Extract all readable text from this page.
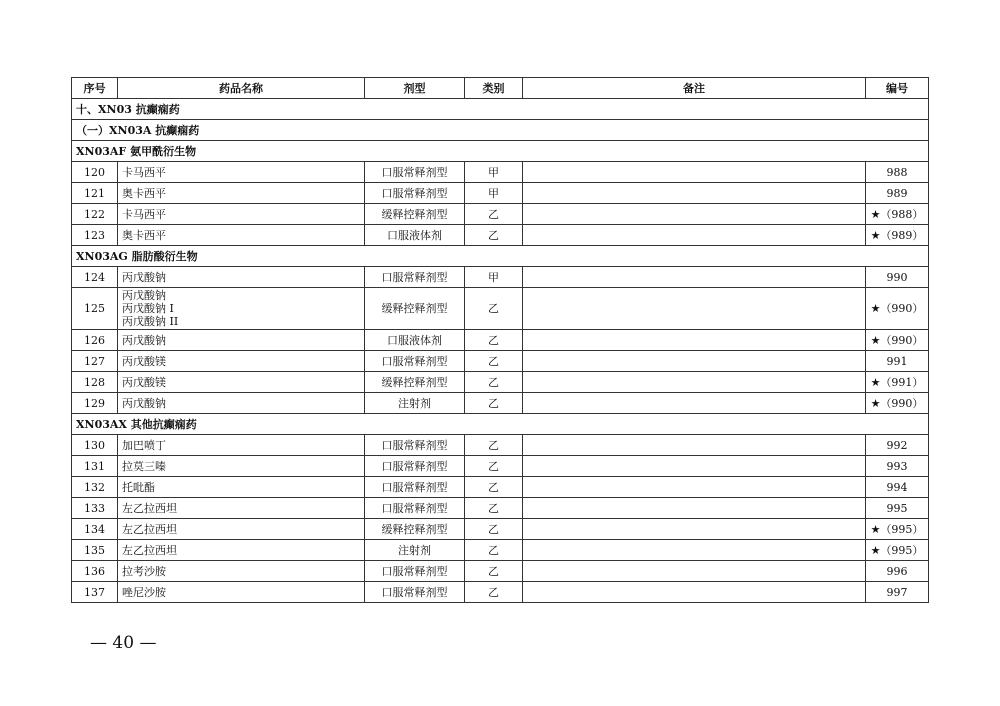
序号	药品名称	剂型	类别	备注	编号
十、XN03 抗癫痫药					
（一）XN03A 抗癫痫药					
XN03AF 氨甲酰衍生物					
120	卡马西平	口服常释剂型	甲		988
121	奥卡西平	口服常释剂型	甲		989
122	卡马西平	缓释控释剂型	乙		★（988）
123	奥卡西平	口服液体剂	乙		★（989）
XN03AG 脂肪酸衍生物					
124	丙戊酸钠	口服常释剂型	甲		990
125	丙戊酸钠
丙戊酸钠 I
丙戊酸钠 II	缓释控释剂型	乙		★（990）
126	丙戊酸钠	口服液体剂	乙		★（990）
127	丙戊酸镁	口服常释剂型	乙		991
128	丙戊酸镁	缓释控释剂型	乙		★（991）
129	丙戊酸钠	注射剂	乙		★（990）
XN03AX 其他抗癫痫药					
130	加巴喷丁	口服常释剂型	乙		992
131	拉莫三嗪	口服常释剂型	乙		993
132	托吡酯	口服常释剂型	乙		994
133	左乙拉西坦	口服常释剂型	乙		995
134	左乙拉西坦	缓释控释剂型	乙		★（995）
135	左乙拉西坦	注射剂	乙		★（995）
136	拉考沙胺	口服常释剂型	乙		996
137	唑尼沙胺	口服常释剂型	乙		997
— 40 —
